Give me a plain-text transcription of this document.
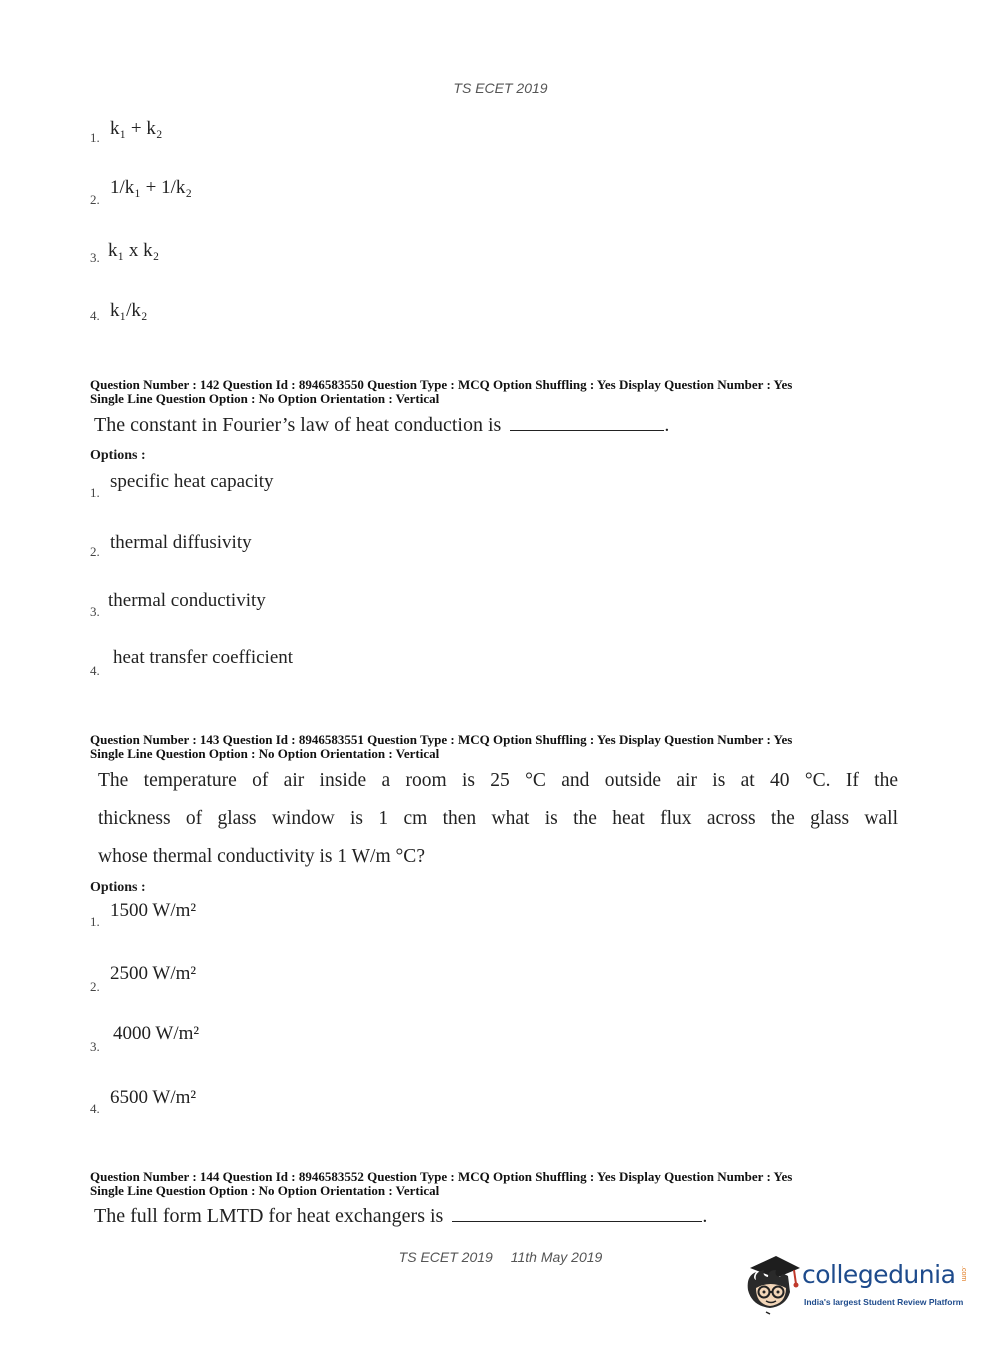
TS ECET 2019
1. k₁ + k₂
2.
1/k₁ + 1/k₂
3. k₁ x k₂
4. k₁/k₂
Question Number : 142 Question Id : 8946583550 Question Type : MCQ Option Shuffling : Yes Display Question Number : Yes
Single Line Question Option : No Option Orientation : Vertical
The constant in Fourier’s law of heat conduction is	.
Options :
1.
specific heat capacity
2. thermal diffusivity
3.
thermal conductivity
4.
heat transfer coefficient
Question Number : 143 Question Id : 8946583551 Question Type : MCQ Option Shuffling : Yes Display Question Number : Yes
Single Line Question Option : No Option Orientation : Vertical
The temperature of air inside a room is 25 °C and outside air is at 40 °C. If the
thickness of glass window is 1 cm then what is the heat flux across the glass wall
whose thermal conductivity is 1 W/m °C?
Options :
1.
1500 W/m²
2.
2500 W/m²
3.
4000 W/m²
4.
6500 W/m²
Question Number : 144 Question Id : 8946583552 Question Type : MCQ Option Shuffling : Yes Display Question Number : Yes
Single Line Question Option : No Option Orientation : Vertical
The full form LMTD for heat exchangers is	.
TS ECET 2019 11th May 2019
collegedunia .com
India's largest Student Review Platform
